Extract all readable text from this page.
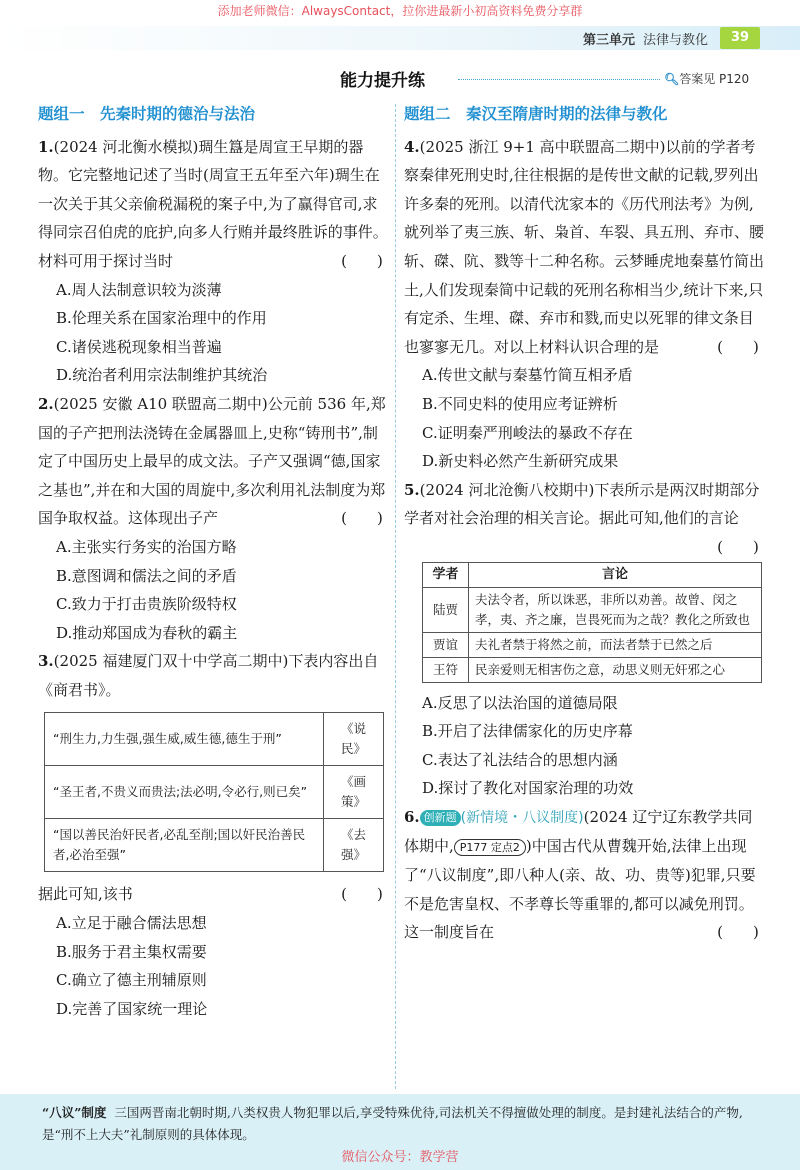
添加老师微信：AlwaysContact，拉你进最新小初高资料免费分享群
第三单元 法律与教化	39
能力提升练	🔍︎答案见 P120
题组一　先秦时期的德治与法治
1.(2024 河北衡水模拟)琱生簋是周宣王早期的器物。它完整地记述了当时(周宣王五年至六年)琱生在一次关于其父亲偷税漏税的案子中,为了赢得官司,求得同宗召伯虎的庇护,向多人行贿并最终胜诉的事件。材料可用于探讨当时	(　　)
A.周人法制意识较为淡薄
B.伦理关系在国家治理中的作用
C.诸侯逃税现象相当普遍
D.统治者利用宗法制维护其统治
2.(2025 安徽 A10 联盟高二期中)公元前 536 年,郑国的子产把刑法浇铸在金属器皿上,史称“铸刑书”,制定了中国历史上最早的成文法。子产又强调“德,国家之基也”,并在和大国的周旋中,多次利用礼法制度为郑国争取权益。这体现出子产	(　　)
A.主张实行务实的治国方略
B.意图调和儒法之间的矛盾
C.致力于打击贵族阶级特权
D.推动郑国成为春秋的霸主
3.(2025 福建厦门双十中学高二期中)下表内容出自《商君书》。
“刑生力,力生强,强生威,威生德,德生于刑”	《说民》
“圣王者,不贵义而贵法;法必明,令必行,则已矣”	《画策》
“国以善民治奸民者,必乱至削;国以奸民治善民者,必治至强”	《去强》
据此可知,该书	(　　)
A.立足于融合儒法思想
B.服务于君主集权需要
C.确立了德主刑辅原则
D.完善了国家统一理论
题组二　秦汉至隋唐时期的法律与教化
4.(2025 浙江 9+1 高中联盟高二期中)以前的学者考察秦律死刑史时,往往根据的是传世文献的记载,罗列出许多秦的死刑。以清代沈家本的《历代刑法考》为例,就列举了夷三族、斩、枭首、车裂、具五刑、弃市、腰斩、磔、阬、戮等十二种名称。云梦睡虎地秦墓竹简出土,人们发现秦简中记载的死刑名称相当少,统计下来,只有定杀、生埋、磔、弃市和戮,而史以死罪的律文条目也寥寥无几。对以上材料认识合理的是	(　　)
A.传世文献与秦墓竹简互相矛盾
B.不同史料的使用应考证辨析
C.证明秦严刑峻法的暴政不存在
D.新史料必然产生新研究成果
5.(2024 河北沧衡八校期中)下表所示是两汉时期部分学者对社会治理的相关言论。据此可知,他们的言论
(　　)
学者	言论
陆贾	夫法令者，所以诛恶，非所以劝善。故曾、闵之孝，夷、齐之廉，岂畏死而为之哉？教化之所致也
贾谊	夫礼者禁于将然之前，而法者禁于已然之后
王符	民亲爱则无相害伤之意，动思义则无奸邪之心
A.反思了以法治国的道德局限
B.开启了法律儒家化的历史序幕
C.表达了礼法结合的思想内涵
D.探讨了教化对国家治理的功效
6. 创新题 (新情境・八议制度)(2024 辽宁辽东教学共同体期中, P177 定点2 )中国古代从曹魏开始,法律上出现了“八议制度”,即八种人(亲、故、功、贵等)犯罪,只要不是危害皇权、不孝尊长等重罪的,都可以减免刑罚。这一制度旨在	(　　)
“八议”制度 三国两晋南北朝时期,八类权贵人物犯罪以后,享受特殊优待,司法机关不得擅做处理的制度。是封建礼法结合的产物,是“刑不上大夫”礼制原则的具体体现。
微信公众号：教学营
